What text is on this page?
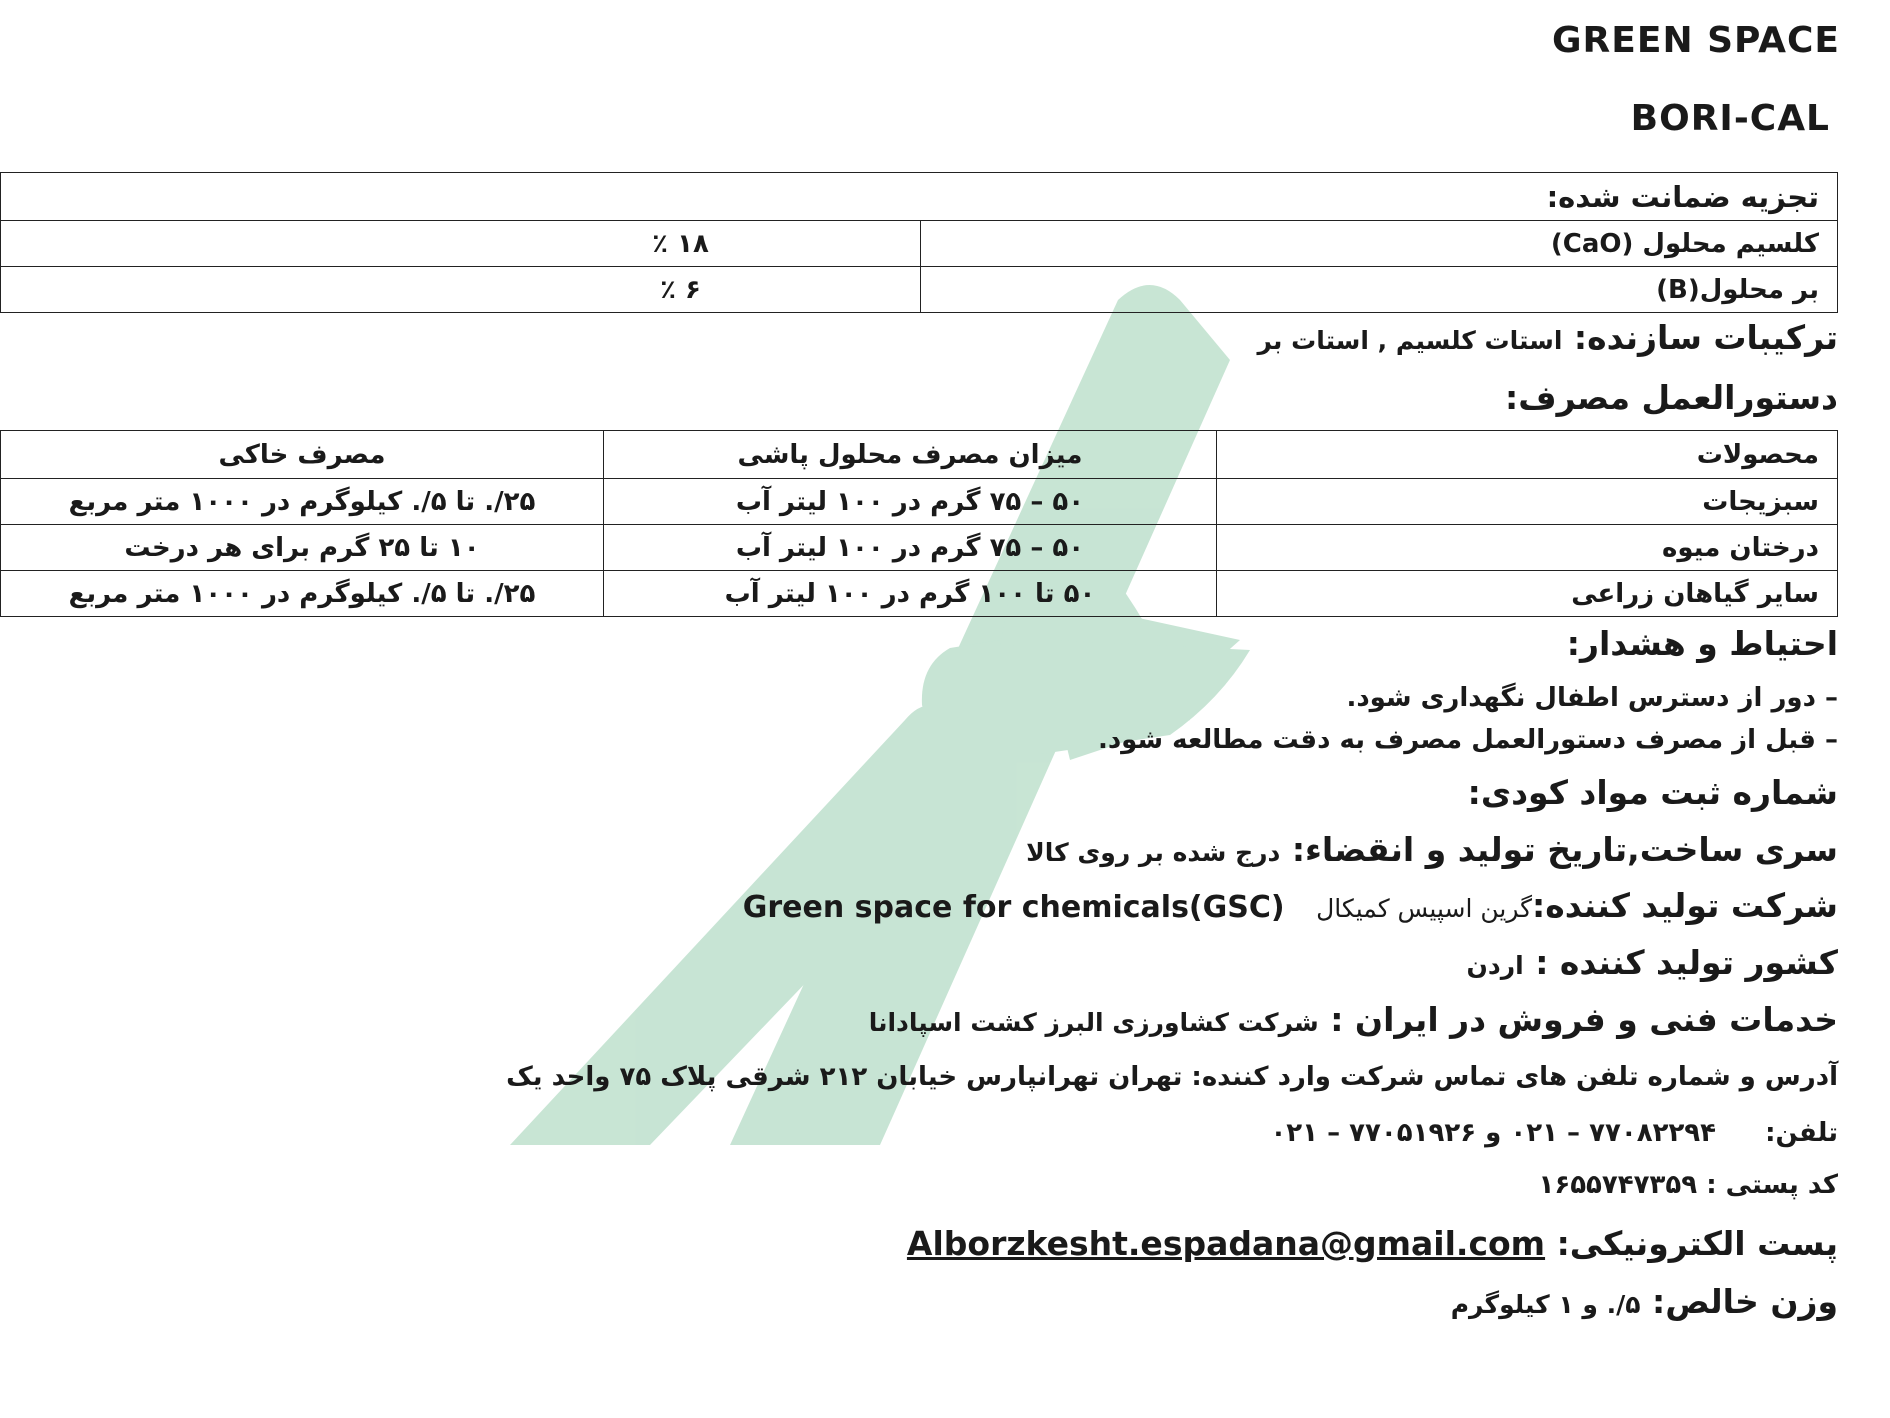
GREEN SPACE
BORI-CAL
تجزیه ضمانت شده:	
کلسیم محلول (CaO)	۱۸ ٪
بر محلول(B)	۶ ٪
ترکیبات سازنده: استات کلسیم , استات بر
دستورالعمل مصرف:
محصولات	میزان مصرف محلول پاشی	مصرف خاکی
سبزیجات	۵۰ – ۷۵ گرم در ۱۰۰ لیتر آب	۲۵/. تا ۵/. کیلوگرم در ۱۰۰۰ متر مربع
درختان میوه	۵۰ – ۷۵ گرم در ۱۰۰ لیتر آب	۱۰ تا ۲۵ گرم برای هر درخت
سایر گیاهان زراعی	۵۰ تا ۱۰۰ گرم در ۱۰۰ لیتر آب	۲۵/. تا ۵/. کیلوگرم در ۱۰۰۰ متر مربع
احتیاط و هشدار:
– دور از دسترس اطفال نگهداری شود.
– قبل از مصرف دستورالعمل مصرف به دقت مطالعه شود.
شماره ثبت مواد کودی:
سری ساخت,تاریخ تولید و انقضاء: درج شده بر روی کالا
شرکت تولید کننده:گرین اسپیس کمیکال Green space for chemicals(GSC)
کشور تولید کننده : اردن
خدمات فنی و فروش در ایران : شرکت کشاورزی البرز کشت اسپادانا
آدرس و شماره تلفن های تماس شرکت وارد کننده: تهران تهرانپارس خیابان ۲۱۲ شرقی پلاک ۷۵ واحد یک
تلفن: ۷۷۰۸۲۲۹۴ – ۰۲۱ و ۷۷۰۵۱۹۲۶ – ۰۲۱
کد پستی : ۱۶۵۵۷۴۷۳۵۹
پست الکترونیکی: Alborzkesht.espadana@gmail.com
وزن خالص: ۵/. و ۱ کیلوگرم
